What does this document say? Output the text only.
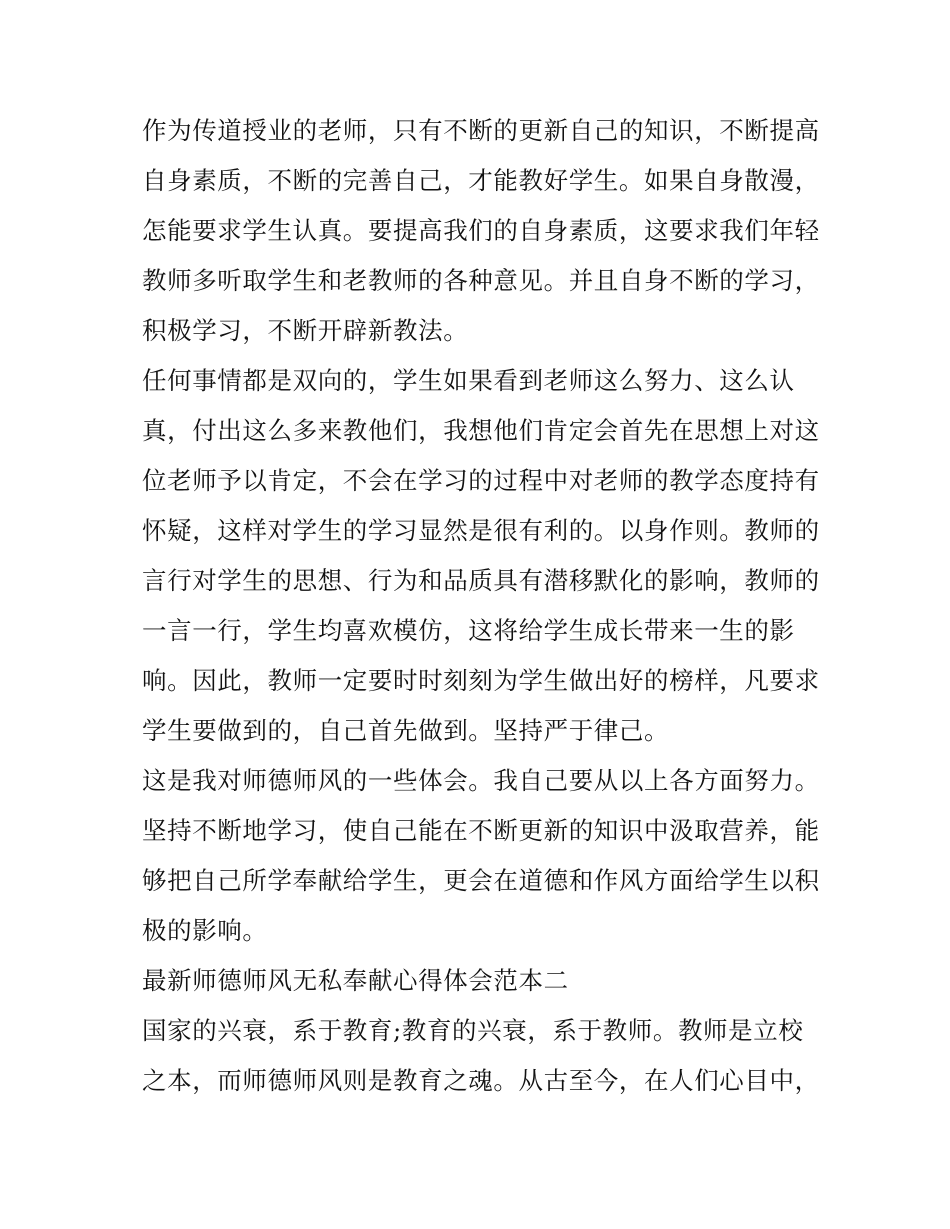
作为传道授业的老师，只有不断的更新自己的知识，不断提高
自身素质，不断的完善自己，才能教好学生。如果自身散漫，
怎能要求学生认真。要提高我们的自身素质，这要求我们年轻
教师多听取学生和老教师的各种意见。并且自身不断的学习，
积极学习，不断开辟新教法。
任何事情都是双向的，学生如果看到老师这么努力、这么认
真，付出这么多来教他们，我想他们肯定会首先在思想上对这
位老师予以肯定，不会在学习的过程中对老师的教学态度持有
怀疑，这样对学生的学习显然是很有利的。以身作则。教师的
言行对学生的思想、行为和品质具有潜移默化的影响，教师的
一言一行，学生均喜欢模仿，这将给学生成长带来一生的影
响。因此，教师一定要时时刻刻为学生做出好的榜样，凡要求
学生要做到的，自己首先做到。坚持严于律己。
这是我对师德师风的一些体会。我自己要从以上各方面努力。
坚持不断地学习，使自己能在不断更新的知识中汲取营养，能
够把自己所学奉献给学生，更会在道德和作风方面给学生以积
极的影响。
最新师德师风无私奉献心得体会范本二
国家的兴衰，系于教育;教育的兴衰，系于教师。教师是立校
之本，而师德师风则是教育之魂。从古至今，在人们心目中，
